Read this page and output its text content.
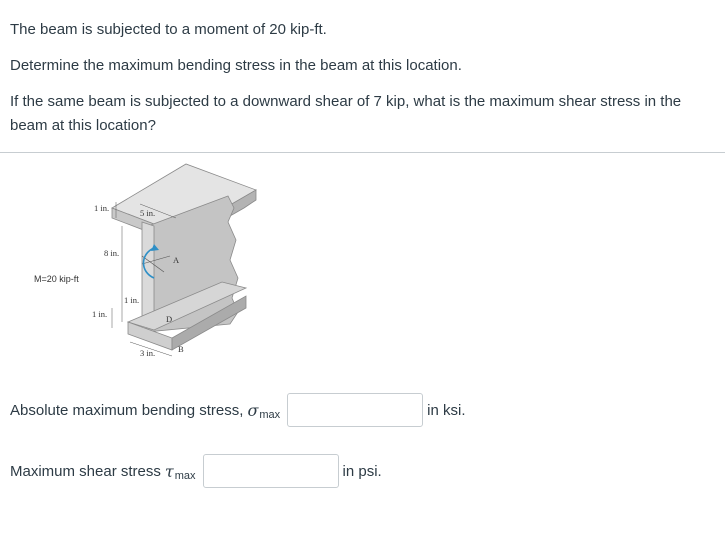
The beam is subjected to a moment of 20 kip-ft.

Determine the maximum bending stress in the beam at this location.

If the same beam is subjected to a downward shear of 7 kip, what is the maximum shear stress in the beam at this location?

1 in.	5 in.
8 in.
1 in.
1 in.
3 in.
A
B
D
M=20 kip-ft
Absolute maximum bending stress, σ max	in ksi.
Maximum shear stress τ max	in psi.
